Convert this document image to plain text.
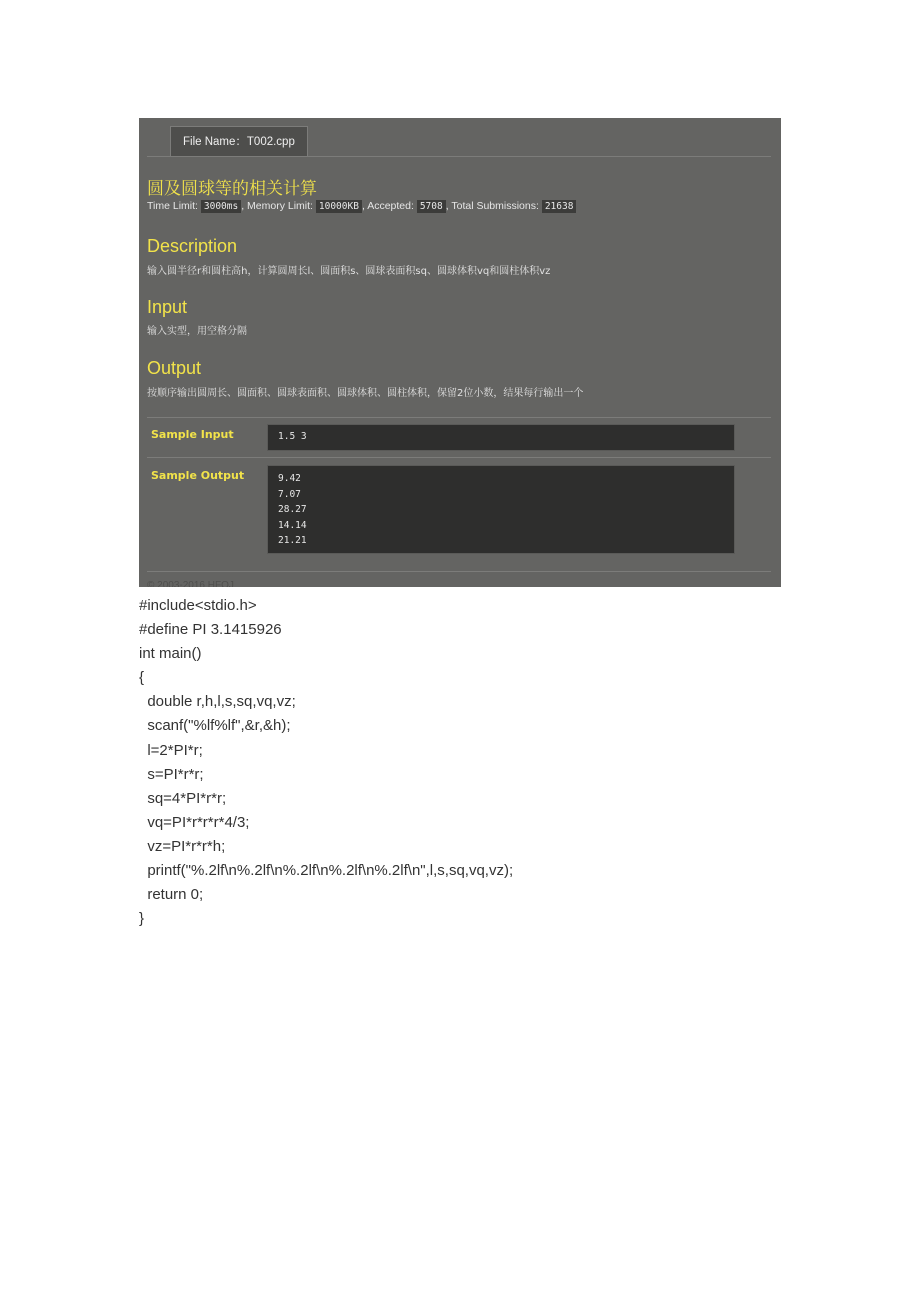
File Name：T002.cpp
圆及圆球等的相关计算
Time Limit: 3000ms , Memory Limit: 10000KB , Accepted: 5708 , Total Submissions: 21638
Description
输入圆半径r和圆柱高h，计算圆周长l、圆面积s、圆球表面积sq、圆球体积vq和圆柱体积vz
Input
输入实型，用空格分隔
Output
按顺序输出圆周长、圆面积、圆球表面积、圆球体积、圆柱体积，保留2位小数，结果每行输出一个
Sample Input	1.5 3
Sample Output	9.42
7.07
28.27
14.14
21.21
© 2003-2016 HFOJ
#include<stdio.h>
#define PI 3.1415926
int main()
{
double r,h,l,s,sq,vq,vz;
scanf("%lf%lf",&r,&h);
l=2*PI*r;
s=PI*r*r;
sq=4*PI*r*r;
vq=PI*r*r*r*4/3;
vz=PI*r*r*h;
printf("%.2lf\n%.2lf\n%.2lf\n%.2lf\n%.2lf\n",l,s,sq,vq,vz);
return 0;
}
